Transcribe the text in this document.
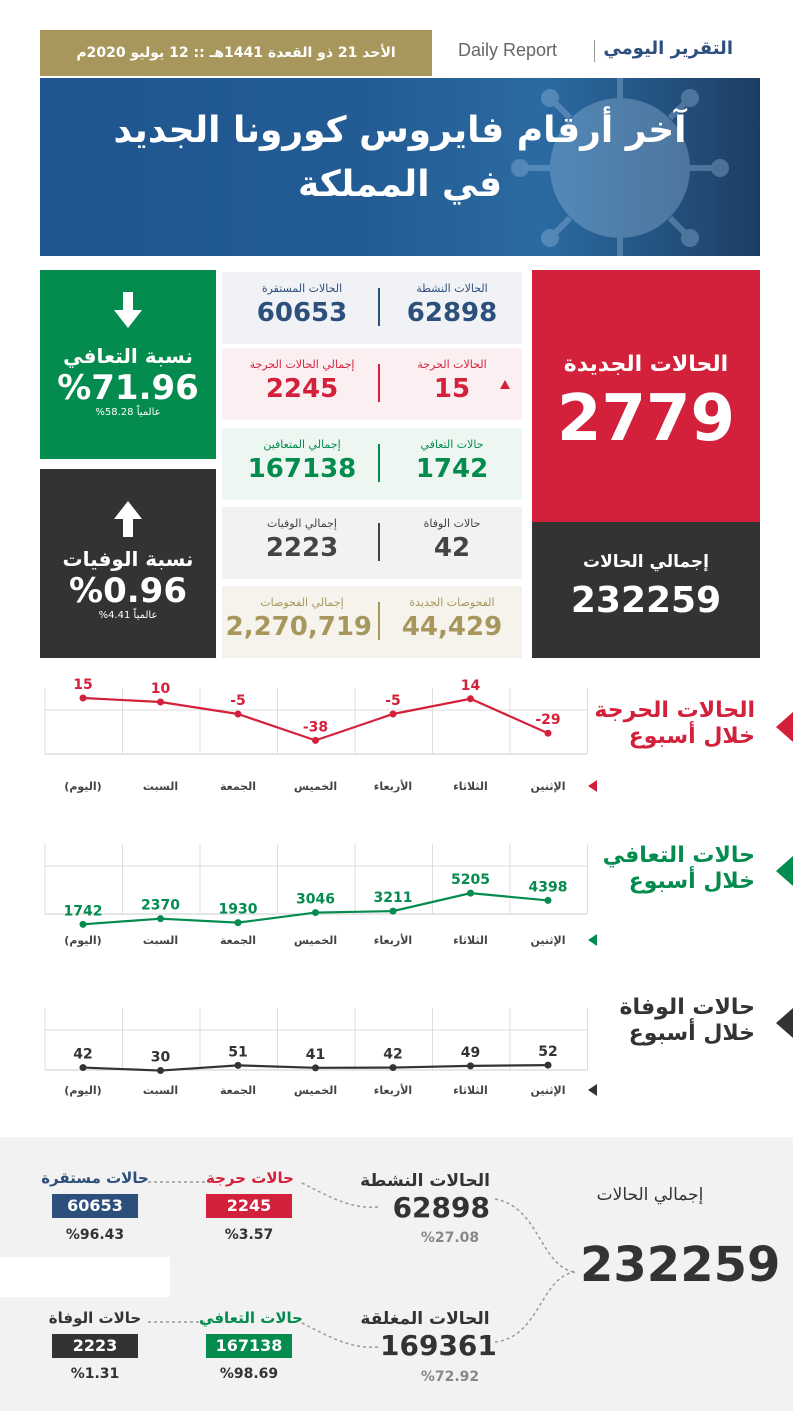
الأحد 21 ذو القعدة 1441هـ :: 12 يوليو 2020م	التقرير اليومي
Daily Report
آخر أرقام فايروس كورونا الجديد
في المملكة
نسبة التعافي
%71.96
عالمياً 58.28%
نسبة الوفيات
%0.96
عالمياً 4.41%
الحالات الجديدة
2779
إجمالي الحالات
232259
الحالات النشطة
62898
الحالات المستقرة
60653
الحالات الحرجة
15
إجمالي الحالات الحرجة
2245
حالات التعافي
1742
إجمالي المتعافين
167138
حالات الوفاة
42
إجمالي الوفيات
2223
الفحوصات الجديدة
44,429
إجمالي الفحوصات
2,270,719
الحالات الحرجة
خلال أسبوع
15
(اليوم)
10
السبت
-5
الجمعة
-38
الخميس
-5
الأربعاء
14
الثلاثاء
-29
الإثنين
حالات التعافي
خلال أسبوع
1742
(اليوم)
2370
السبت
1930
الجمعة
3046
الخميس
3211
الأربعاء
5205
الثلاثاء
4398
الإثنين
حالات الوفاة
خلال أسبوع
42
(اليوم)
30
السبت
51
الجمعة
41
الخميس
42
الأربعاء
49
الثلاثاء
52
الإثنين
إجمالي الحالات
232259
الحالات النشطة
62898
%27.08
الحالات المغلقة
169361
%72.92
حالات حرجة
2245
%3.57
حالات مستقرة
60653
%96.43
حالات التعافي
167138
%98.69
حالات الوفاة
2223
%1.31
